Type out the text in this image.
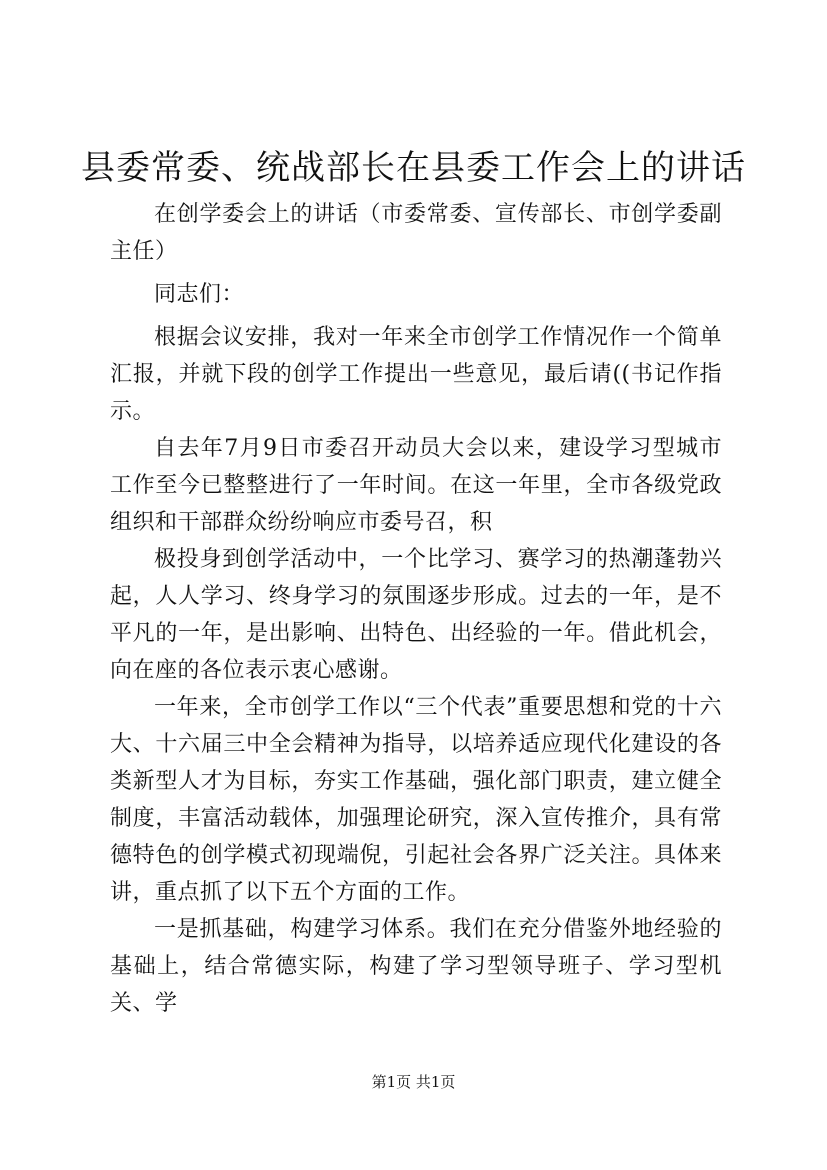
县委常委、统战部长在县委工作会上的讲话

在创学委会上的讲话（市委常委、宣传部长、市创学委副主任）

同志们：

根据会议安排，我对一年来全市创学工作情况作一个简单汇报，并就下段的创学工作提出一些意见，最后请((书记作指示。

自去年7月9日市委召开动员大会以来，建设学习型城市工作至今已整整进行了一年时间。在这一年里，全市各级党政组织和干部群众纷纷响应市委号召，积

极投身到创学活动中，一个比学习、赛学习的热潮蓬勃兴起，人人学习、终身学习的氛围逐步形成。过去的一年，是不平凡的一年，是出影响、出特色、出经验的一年。借此机会，向在座的各位表示衷心感谢。

一年来，全市创学工作以“三个代表”重要思想和党的十六大、十六届三中全会精神为指导，以培养适应现代化建设的各类新型人才为目标，夯实工作基础，强化部门职责，建立健全制度，丰富活动载体，加强理论研究，深入宣传推介，具有常德特色的创学模式初现端倪，引起社会各界广泛关注。具体来讲，重点抓了以下五个方面的工作。

一是抓基础，构建学习体系。我们在充分借鉴外地经验的基础上，结合常德实际，构建了学习型领导班子、学习型机关、学

第1页 共1页
